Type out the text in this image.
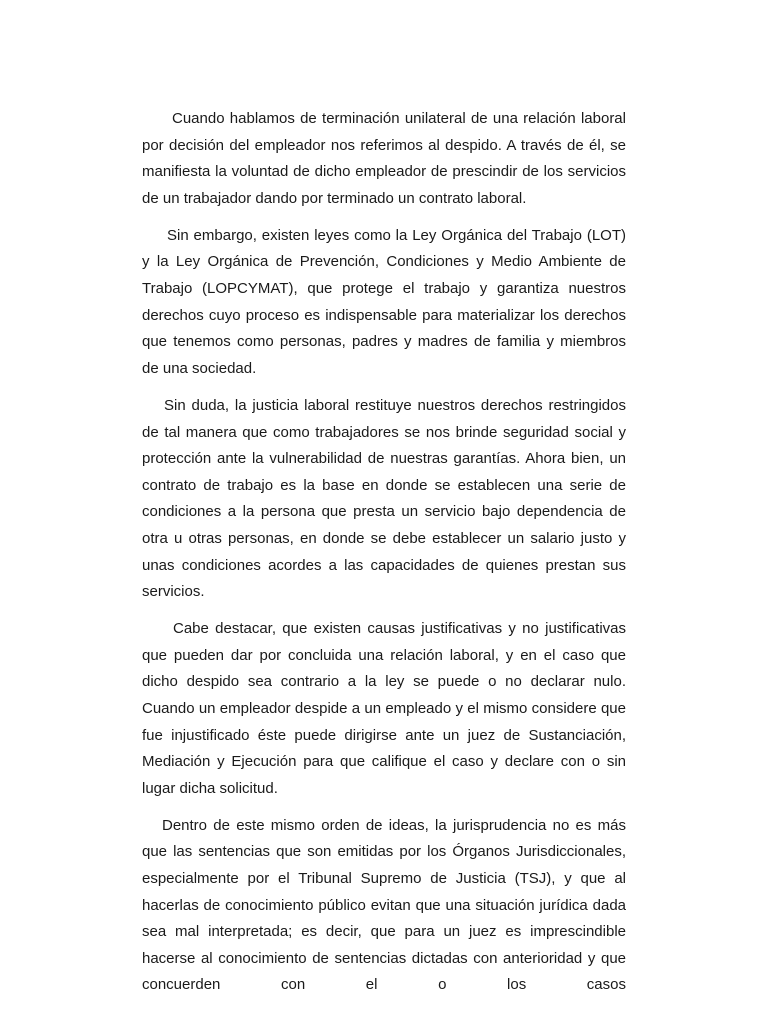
Cuando hablamos de terminación unilateral de una relación laboral por decisión del empleador nos referimos al despido. A través de él, se manifiesta la voluntad de dicho empleador de prescindir de los servicios de un trabajador dando por terminado un contrato laboral.

Sin embargo, existen leyes como la Ley Orgánica del Trabajo (LOT) y la Ley Orgánica de Prevención, Condiciones y Medio Ambiente de Trabajo (LOPCYMAT), que protege el trabajo y garantiza nuestros derechos cuyo proceso es indispensable para materializar los derechos que tenemos como personas, padres y madres de familia y miembros de una sociedad.

Sin duda, la justicia laboral restituye nuestros derechos restringidos de tal manera que como trabajadores se nos brinde seguridad social y protección ante la vulnerabilidad de nuestras garantías. Ahora bien, un contrato de trabajo es la base en donde se establecen una serie de condiciones a la persona que presta un servicio bajo dependencia de otra u otras personas, en donde se debe establecer un salario justo y unas condiciones acordes a las capacidades de quienes prestan sus servicios.

Cabe destacar, que existen causas justificativas y no justificativas que pueden dar por concluida una relación laboral, y en el caso que dicho despido sea contrario a la ley se puede o no declarar nulo. Cuando un empleador despide a un empleado y el mismo considere que fue injustificado éste puede dirigirse ante un juez de Sustanciación, Mediación y Ejecución para que califique el caso y declare con o sin lugar dicha solicitud.

Dentro de este mismo orden de ideas, la jurisprudencia no es más que las sentencias que son emitidas por los Órganos Jurisdiccionales, especialmente por el Tribunal Supremo de Justicia (TSJ), y que al hacerlas de conocimiento público evitan que una situación jurídica dada sea mal interpretada; es decir, que para un juez es imprescindible hacerse al conocimiento de sentencias dictadas con anterioridad y que concuerden con el o los casos
